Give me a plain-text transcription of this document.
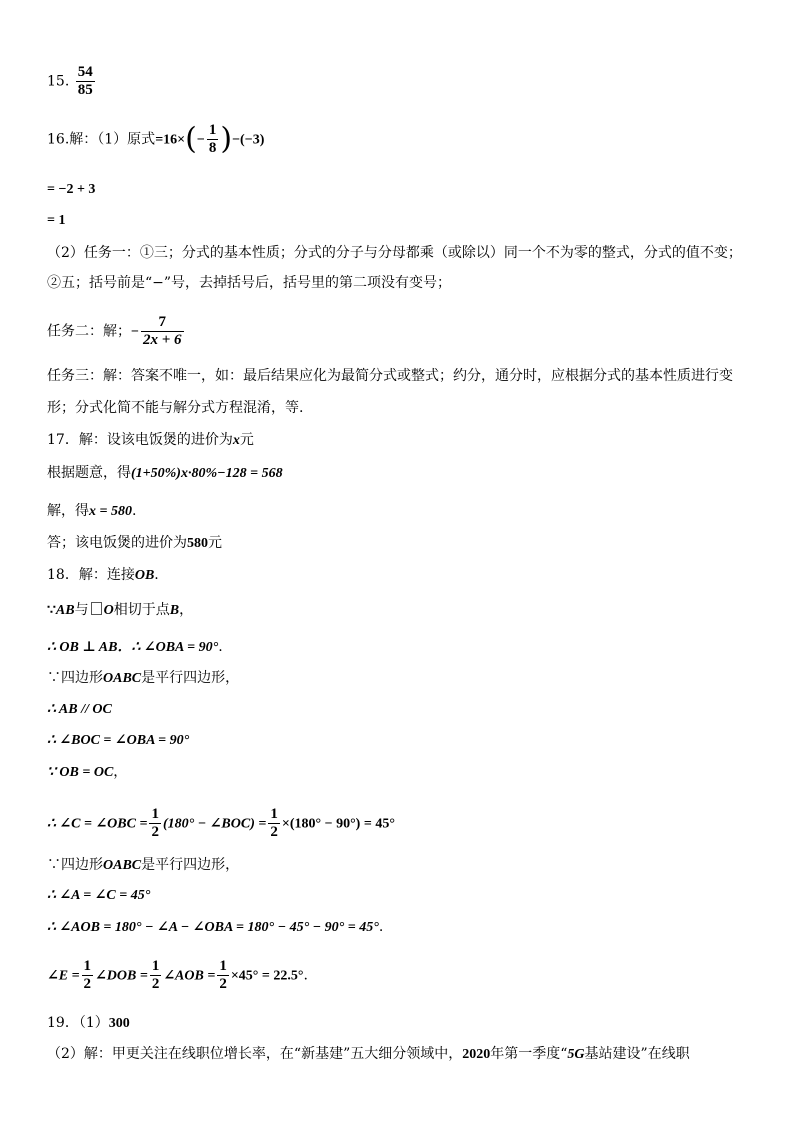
15. $\frac{54}{85}$
16.解：（1）原式$=16\times(- \frac{1}{8} )-(-3)$
= −2 + 3
= 1
（2）任务一：①三；分式的基本性质；分式的分子与分母都乘（或除以）同一个不为零的整式，分式的值不变；
②五；括号前是“−”号，去掉括号后，括号里的第二项没有变号；
任务二：解；− $\frac{7}{2x + 6}$
任务三：解：答案不唯一，如：最后结果应化为最简分式或整式；约分，通分时，应根据分式的基本性质进行变
形；分式化简不能与解分式方程混淆，等.
17．解：设该电饭煲的进价为x元
根据题意，得(1+50%)x·80%−128 = 568
解，得x = 580.
答；该电饭煲的进价为580元
18．解：连接OB.
∵AB与 O相切于点B，
∴ OB ⊥ AB．∴ ∠OBA = 90°.
∵四边形OABC是平行四边形，
∴ AB // OC
∴ ∠BOC = ∠OBA = 90°
∵ OB = OC，
∴ ∠C = ∠OBC = $\frac{1}{2} (180^\circ$ − ∠BOC) = $\frac{1}{2} \times(180^\circ - 90^\circ) = 45^\circ$
∵四边形OABC是平行四边形，
∴ ∠A = ∠C = 45°
∴ ∠AOB = 180° − ∠A − ∠OBA = 180° − 45° − 90° = 45°.
∠E = $\frac{1}{2}$ ∠DOB = $\frac{1}{2}$ ∠AOB = $\frac{1}{2} \times 45^\circ = 22.5^\circ$.
19．（1）300
（2）解：甲更关注在线职位增长率，在“新基建”五大细分领域中，2020年第一季度“5G基站建设”在线职
